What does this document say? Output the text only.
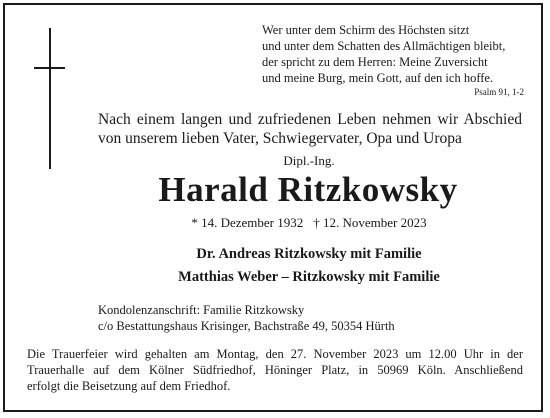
Wer unter dem Schirm des Höchsten sitzt
und unter dem Schatten des Allmächtigen bleibt,
der spricht zu dem Herren: Meine Zuversicht
und meine Burg, mein Gott, auf den ich hoffe.
Psalm 91, 1-2
Nach einem langen und zufriedenen Leben nehmen wir Abschied
von unserem lieben Vater, Schwiegervater, Opa und Uropa
Dipl.-Ing.
Harald Ritzkowsky
* 14. Dezember 1932 † 12. November 2023
Dr. Andreas Ritzkowsky mit Familie
Matthias Weber – Ritzkowsky mit Familie
Kondolenzanschrift: Familie Ritzkowsky
c/o Bestattungshaus Krisinger, Bachstraße 49, 50354 Hürth
Die Trauerfeier wird gehalten am Montag, den 27. November 2023 um 12.00 Uhr in der
Trauerhalle auf dem Kölner Südfriedhof, Höninger Platz, in 50969 Köln. Anschließend
erfolgt die Beisetzung auf dem Friedhof.
